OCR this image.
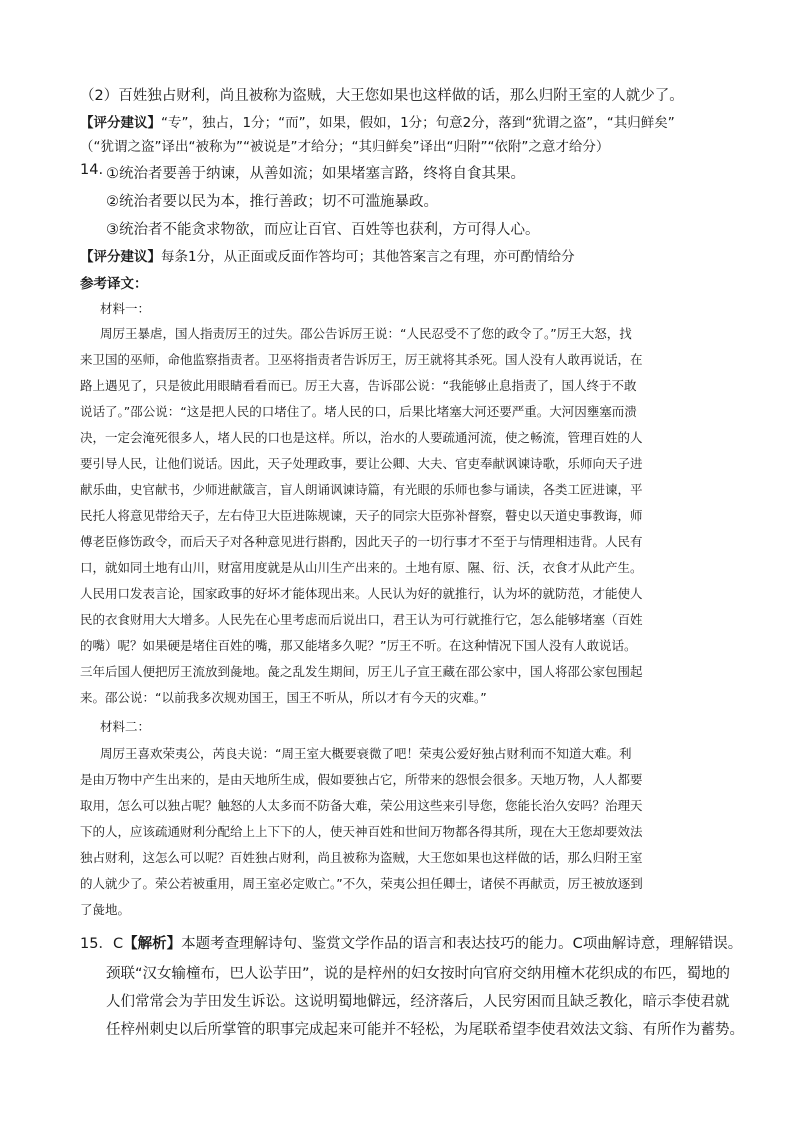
（2）百姓独占财利，尚且被称为盗贼，大王您如果也这样做的话，那么归附王室的人就少了。
【评分建议】“专”，独占，1分；“而”，如果，假如，1分；句意2分，落到“犹谓之盗”，“其归鲜矣”
（“犹谓之盗”译出“被称为”“被说是”才给分；“其归鲜矣”译出“归附”“依附”之意才给分）
14. ①统治者要善于纳谏，从善如流；如果堵塞言路，终将自食其果。
②统治者要以民为本，推行善政；切不可滥施暴政。
③统治者不能贪求物欲，而应让百官、百姓等也获利，方可得人心。
【评分建议】每条1分，从正面或反面作答均可；其他答案言之有理，亦可酌情给分
参考译文：
材料一：
周厉王暴虐，国人指责厉王的过失。邵公告诉厉王说：“人民忍受不了您的政令了。”厉王大怒，找
来卫国的巫师，命他监察指责者。卫巫将指责者告诉厉王，厉王就将其杀死。国人没有人敢再说话，在
路上遇见了，只是彼此用眼睛看看而已。厉王大喜，告诉邵公说：“我能够止息指责了，国人终于不敢
说话了。”邵公说：“这是把人民的口堵住了。堵人民的口，后果比堵塞大河还要严重。大河因壅塞而溃
决，一定会淹死很多人，堵人民的口也是这样。所以，治水的人要疏通河流，使之畅流，管理百姓的人
要引导人民，让他们说话。因此，天子处理政事，要让公卿、大夫、官吏奉献讽谏诗歌，乐师向天子进
献乐曲，史官献书，少师进献箴言，盲人朗诵讽谏诗篇，有光眼的乐师也参与诵读，各类工匠进谏，平
民托人将意见带给天子，左右侍卫大臣进陈规谏，天子的同宗大臣弥补督察，瞽史以天道史事教诲，师
傅老臣修饬政令，而后天子对各种意见进行斟酌，因此天子的一切行事才不至于与情理相违背。人民有
口，就如同土地有山川，财富用度就是从山川生产出来的。土地有原、隰、衍、沃，衣食才从此产生。
人民用口发表言论，国家政事的好坏才能体现出来。人民认为好的就推行，认为坏的就防范，才能使人
民的衣食财用大大增多。人民先在心里考虑而后说出口，君王认为可行就推行它，怎么能够堵塞（百姓
的嘴）呢？如果硬是堵住百姓的嘴，那又能堵多久呢？”厉王不听。在这种情况下国人没有人敢说话。
三年后国人便把厉王流放到彘地。彘之乱发生期间，厉王儿子宣王藏在邵公家中，国人将邵公家包围起
来。邵公说：“以前我多次规劝国王，国王不听从，所以才有今天的灾难。”
材料二：
周厉王喜欢荣夷公，芮良夫说：“周王室大概要衰微了吧！荣夷公爱好独占财利而不知道大难。利
是由万物中产生出来的，是由天地所生成，假如要独占它，所带来的怨恨会很多。天地万物，人人都要
取用，怎么可以独占呢？触怒的人太多而不防备大难，荣公用这些来引导您，您能长治久安吗？治理天
下的人，应该疏通财利分配给上上下下的人，使天神百姓和世间万物都各得其所，现在大王您却要效法
独占财利，这怎么可以呢？百姓独占财利，尚且被称为盗贼，大王您如果也这样做的话，那么归附王室
的人就少了。荣公若被重用，周王室必定败亡。”不久，荣夷公担任卿士，诸侯不再献贡，厉王被放逐到
了彘地。
15．C【解析】本题考查理解诗句、鉴赏文学作品的语言和表达技巧的能力。C项曲解诗意，理解错误。
颈联“汉女输橦布，巴人讼芋田”，说的是梓州的妇女按时向官府交纳用橦木花织成的布匹，蜀地的
人们常常会为芋田发生诉讼。这说明蜀地僻远，经济落后，人民穷困而且缺乏教化，暗示李使君就
任梓州刺史以后所掌管的职事完成起来可能并不轻松，为尾联希望李使君效法文翁、有所作为蓄势。
